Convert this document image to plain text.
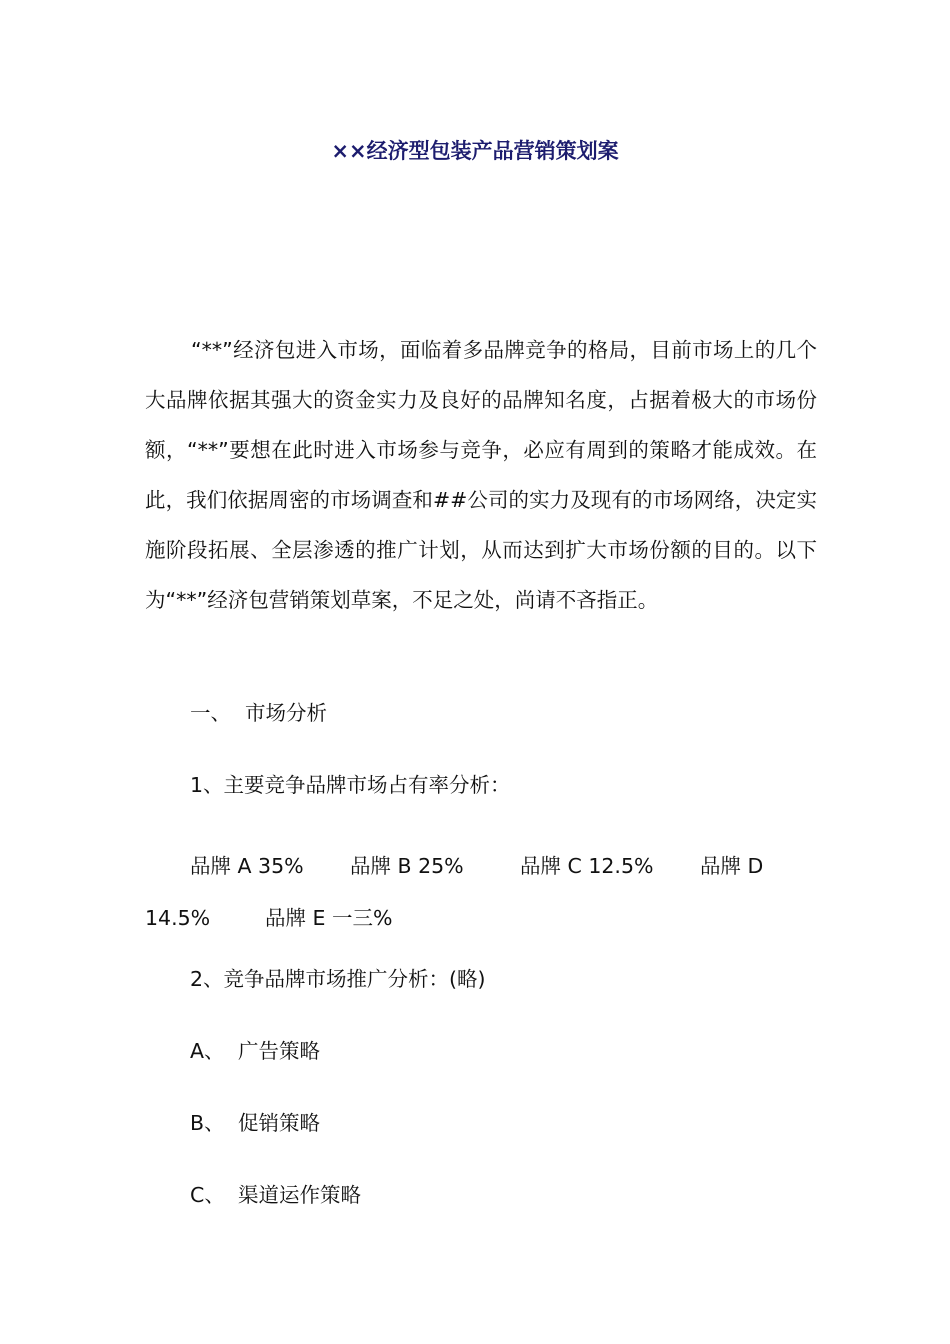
××经济型包装产品营销策划案

“**”经济包进入市场，面临着多品牌竞争的格局，目前市场上的几个大品牌依据其强大的资金实力及良好的品牌知名度，占据着极大的市场份额，“**”要想在此时进入市场参与竞争，必应有周到的策略才能成效。在此，我们依据周密的市场调查和##公司的实力及现有的市场网络，决定实施阶段拓展、全层渗透的推广计划，从而达到扩大市场份额的目的。以下为“**”经济包营销策划草案，不足之处，尚请不吝指正。

一、 市场分析
1、主要竞争品牌市场占有率分析：
品牌 A 35% 品牌 B 25%	品牌 C 12.5% 品牌 D
14.5%	品牌 E 一三%
2、竞争品牌市场推广分析：(略)
A、 广告策略
B、 促销策略
C、 渠道运作策略
